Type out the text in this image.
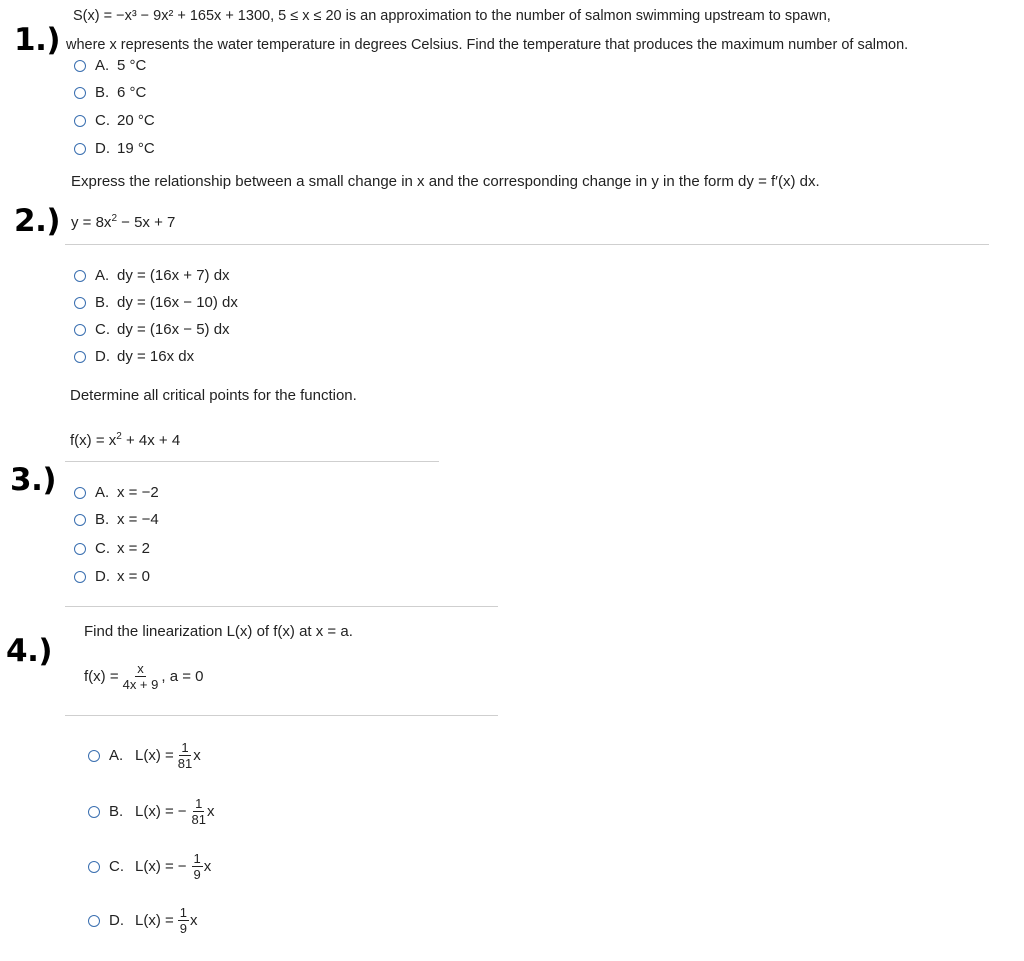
1.)
S(x) = −x³ − 9x² + 165x + 1300, 5 ≤ x ≤ 20 is an approximation to the number of salmon swimming upstream to spawn,
where x represents the water temperature in degrees Celsius. Find the temperature that produces the maximum number of salmon.
A. 5 °C
B. 6 °C
C. 20 °C
D. 19 °C
Express the relationship between a small change in x and the corresponding change in y in the form dy = f′(x) dx.
2.) $y = 8x^2 - 5x + 7$
A. dy = (16x + 7) dx
B. dy = (16x − 10) dx
C. dy = (16x − 5) dx
D. dy = 16x dx
Determine all critical points for the function.
$f(x) = x^2 + 4x + 4$
3.)	A. x = −2
B. x = −4
C. x = 2
D. x = 0
Find the linearization L(x) of f(x) at x = a.
4.)
$f(x) = \frac{x}{4x + 9}$ , a = 0
A. $L(x) = \frac{1}{81}$ x
B. L(x) = − $\frac{1}{81}$ x
C. L(x) = − $\frac{1}{9}$ x
D. $L(x) = \frac{1}{9}$ x
